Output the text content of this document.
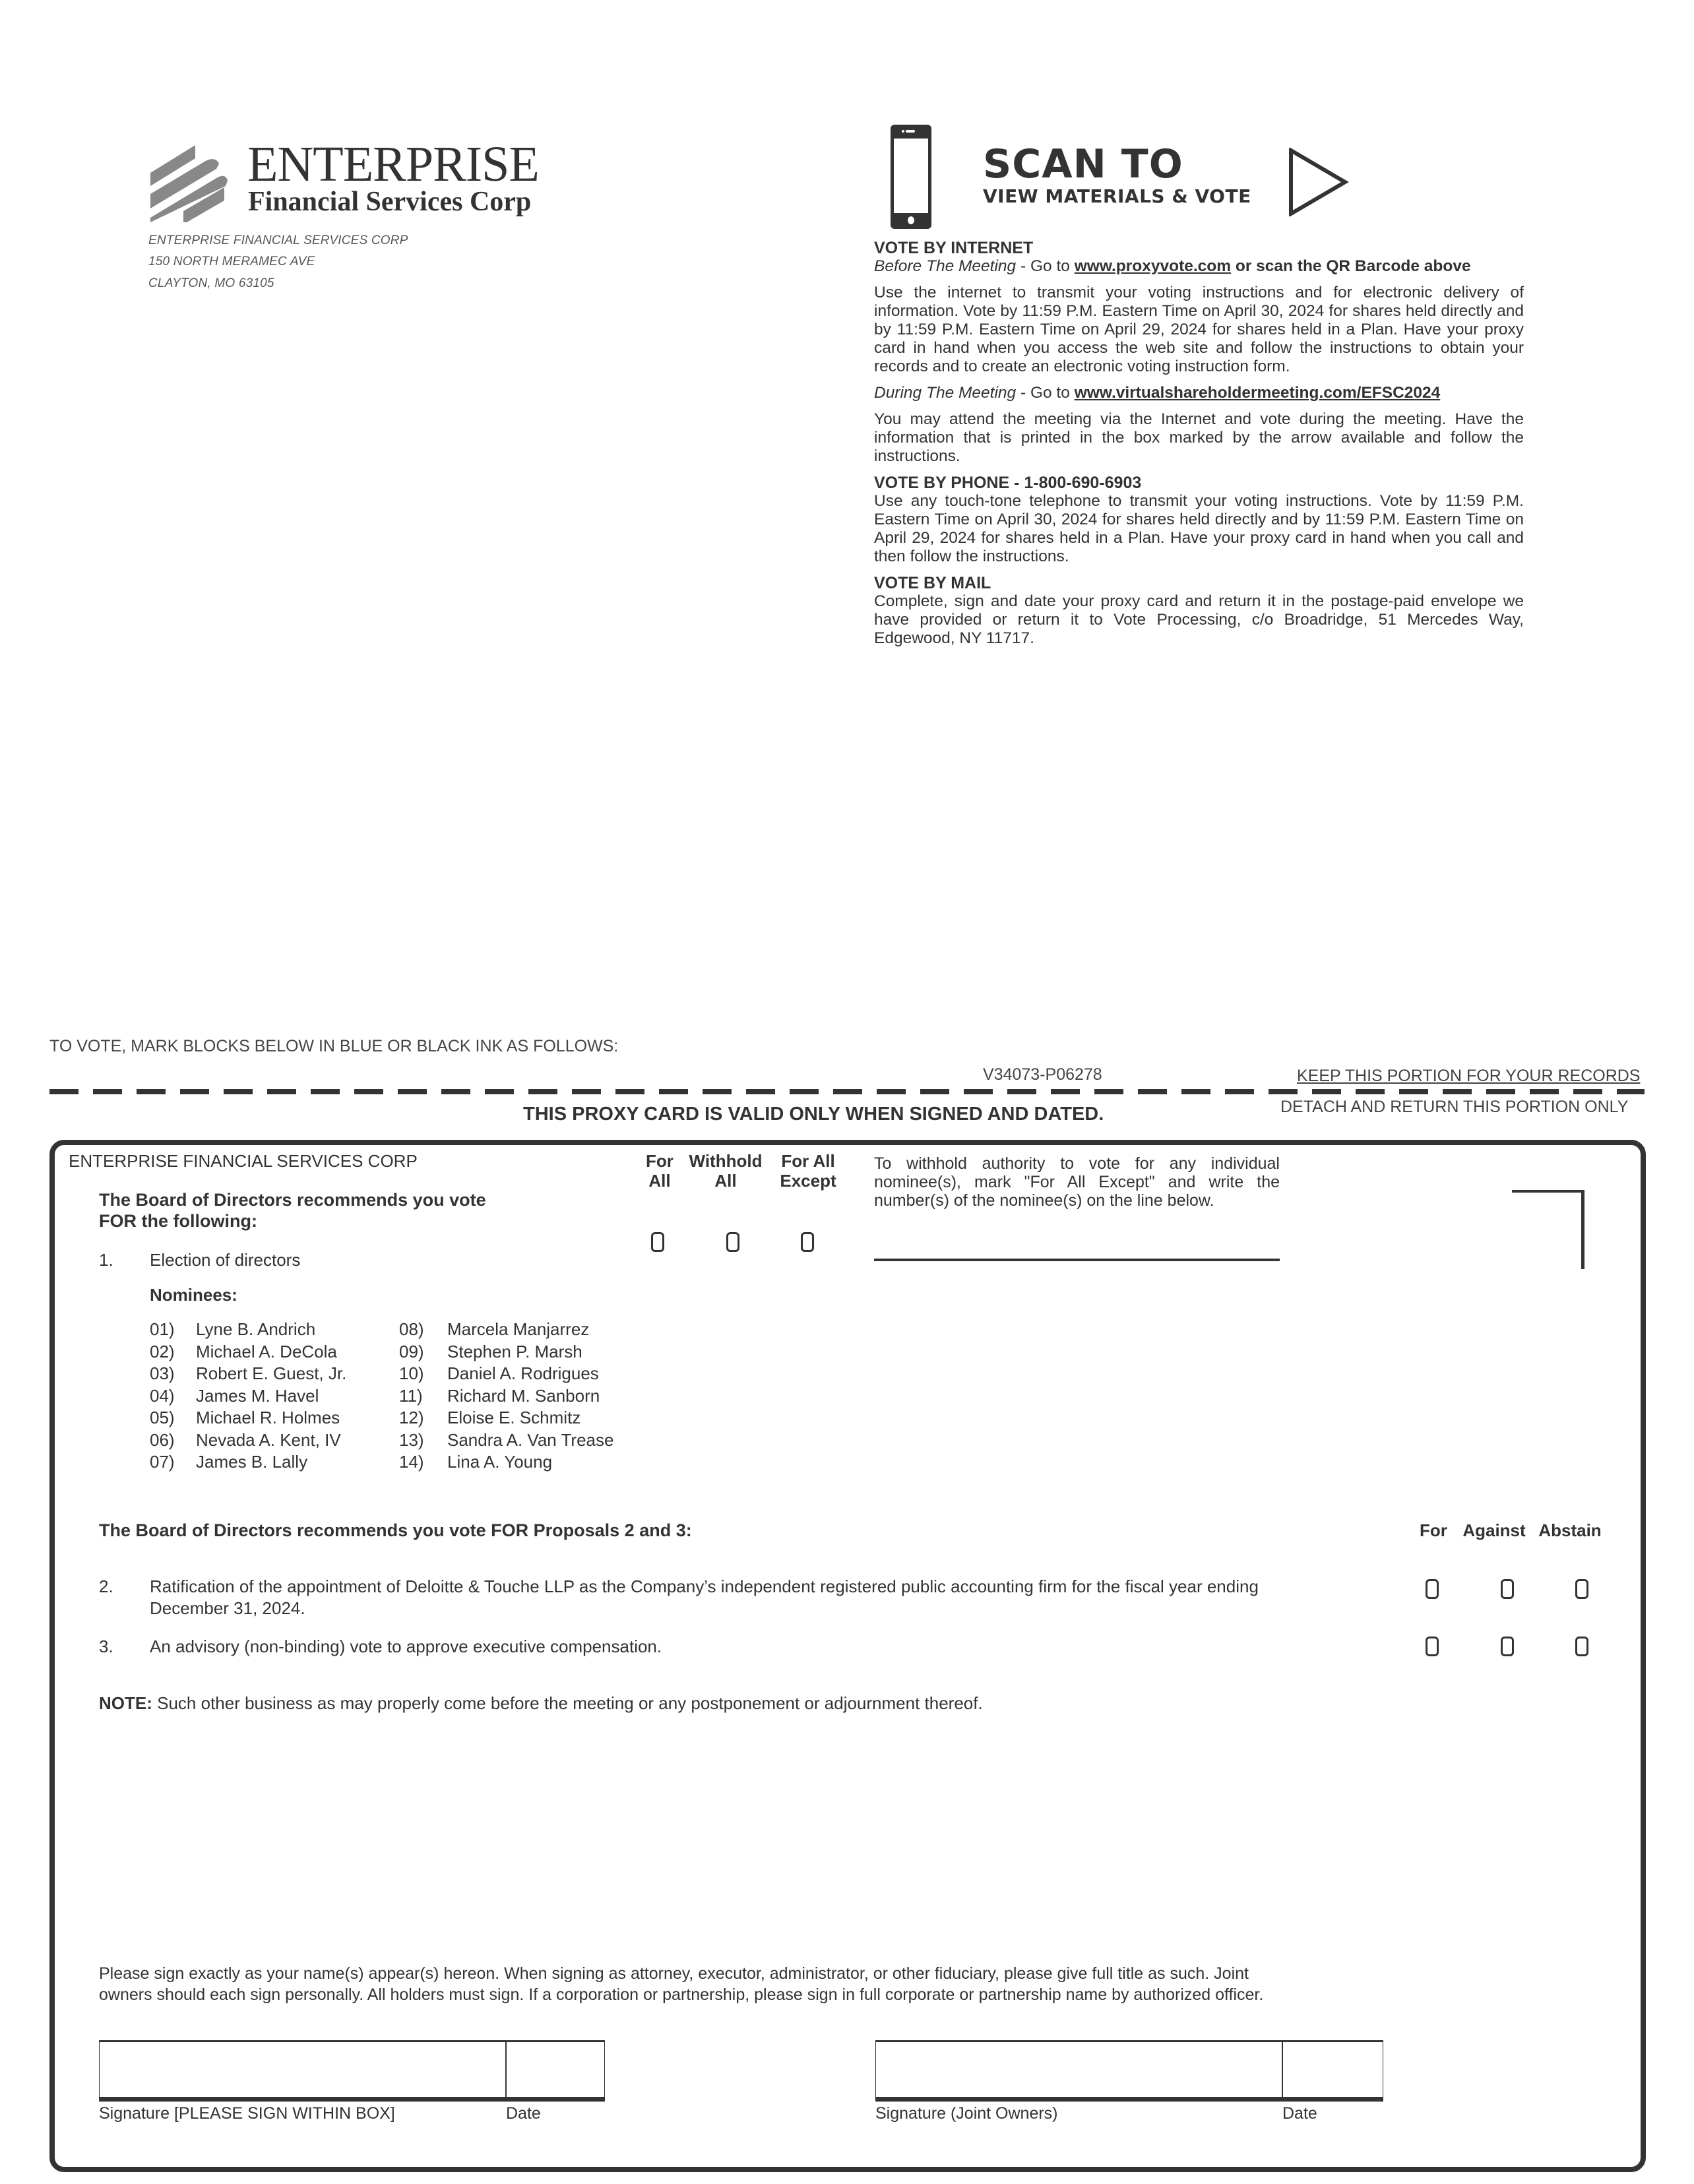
®
ENTERPRISE
Financial Services Corp
ENTERPRISE FINANCIAL SERVICES CORP
150 NORTH MERAMEC AVE
CLAYTON, MO 63105
SCAN TO
VIEW MATERIALS & VOTE
VOTE BY INTERNET
Before The Meeting - Go to www.proxyvote.com or scan the QR Barcode above
Use the internet to transmit your voting instructions and for electronic delivery of information. Vote by 11:59 P.M. Eastern Time on April 30, 2024 for shares held directly and by 11:59 P.M. Eastern Time on April 29, 2024 for shares held in a Plan. Have your proxy card in hand when you access the web site and follow the instructions to obtain your records and to create an electronic voting instruction form.
During The Meeting - Go to www.virtualshareholdermeeting.com/EFSC2024
You may attend the meeting via the Internet and vote during the meeting. Have the information that is printed in the box marked by the arrow available and follow the instructions.
VOTE BY PHONE - 1-800-690-6903
Use any touch-tone telephone to transmit your voting instructions. Vote by 11:59 P.M. Eastern Time on April 30, 2024 for shares held directly and by 11:59 P.M. Eastern Time on April 29, 2024 for shares held in a Plan. Have your proxy card in hand when you call and then follow the instructions.
VOTE BY MAIL
Complete, sign and date your proxy card and return it in the postage-paid envelope we have provided or return it to Vote Processing, c/o Broadridge, 51 Mercedes Way, Edgewood, NY 11717.
TO VOTE, MARK BLOCKS BELOW IN BLUE OR BLACK INK AS FOLLOWS:
V34073-P06278	KEEP THIS PORTION FOR YOUR RECORDS
DETACH AND RETURN THIS PORTION ONLY
THIS PROXY CARD IS VALID ONLY WHEN SIGNED AND DATED.
ENTERPRISE FINANCIAL SERVICES CORP
The Board of Directors recommends you vote
FOR the following:
For
All
Withhold
All
For All
Except
To withhold authority to vote for any individual nominee(s), mark "For All Except" and write the number(s) of the nominee(s) on the line below.
1. Election of directors
Nominees:
01) Lyne B. Andrich
02) Michael A. DeCola
03) Robert E. Guest, Jr.
04) James M. Havel
05) Michael R. Holmes
06) Nevada A. Kent, IV
07) James B. Lally
08) Marcela Manjarrez
09) Stephen P. Marsh
10) Daniel A. Rodrigues
11) Richard M. Sanborn
12) Eloise E. Schmitz
13) Sandra A. Van Trease
14) Lina A. Young
The Board of Directors recommends you vote FOR Proposals 2 and 3:	For Against Abstain
2. Ratification of the appointment of Deloitte & Touche LLP as the Company’s independent registered public accounting firm for the fiscal year ending
December 31, 2024.
3. An advisory (non-binding) vote to approve executive compensation.
NOTE: Such other business as may properly come before the meeting or any postponement or adjournment thereof.
Please sign exactly as your name(s) appear(s) hereon. When signing as attorney, executor, administrator, or other fiduciary, please give full title as such. Joint
owners should each sign personally. All holders must sign. If a corporation or partnership, please sign in full corporate or partnership name by authorized officer.
Signature [PLEASE SIGN WITHIN BOX]	Date	Signature (Joint Owners)	Date
